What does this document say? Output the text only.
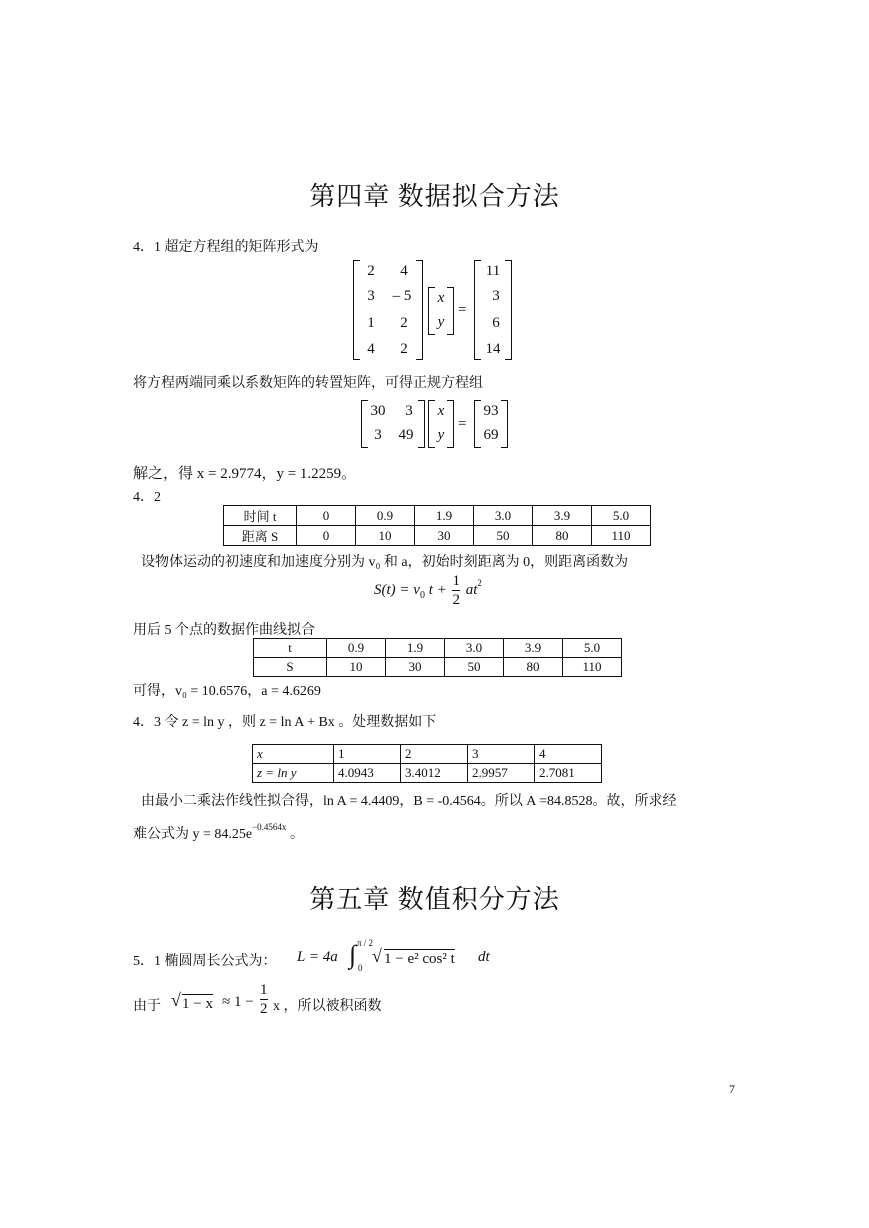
第四章 数据拟合方法
4．1 超定方程组的矩阵形式为
2 4
3 – 5
1 2
4 2
x
y
=
11
3
6
14
将方程两端同乘以系数矩阵的转置矩阵，可得正规方程组
30 3
3 49
x
y
=
93
69
解之，得 x = 2.9774，y = 1.2259。
4．2
时间 t	0	0.9	1.9	3.0	3.9	5.0
距离 S	0	10	30	50	80	110
设物体运动的初速度和加速度分别为 v₀ 和 a，初始时刻距离为 0，则距离函数为
$S(t) = v_0$ $t + \frac{1}{2} at^2$
用后 5 个点的数据作曲线拟合
t	0.9	1.9	3.0	3.9	5.0
S	10	30	50	80	110
可得，v₀ = 10.6576，a = 4.6269
4．3 令 z = ln y ，则 z = ln A + Bx 。处理数据如下
x	1	2	3	4
z = ln y	4.0943	3.4012	2.9957	2.7081
由最小二乘法作线性拟合得，ln A = 4.4409，B = -0.4564。所以 A =84.8528。故，所求经
难公式为 $y = 84.25e^{-0.4564x}$ 。
第五章 数值积分方法
5．1 椭圆周长公式为： L = 4a ∫ π / 2
0
√ 1 − e² cos² t dt
由于 √ $1 - x \approx 1 - \frac{1}{2}$ x ，所以被积函数
7
